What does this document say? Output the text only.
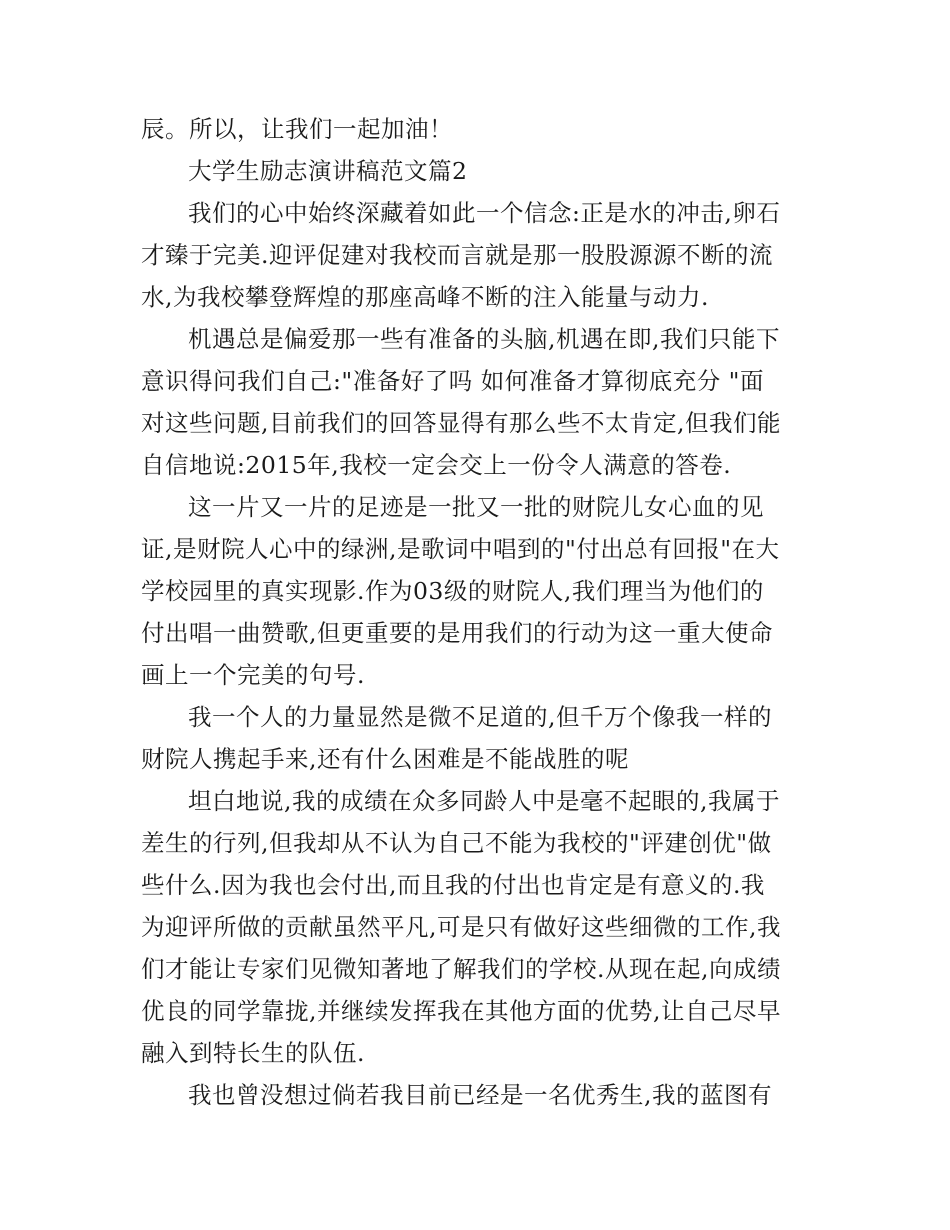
辰。所以，让我们一起加油！
大学生励志演讲稿范文篇2
我们的心中始终深藏着如此一个信念:正是水的冲击,卵石
才臻于完美.迎评促建对我校而言就是那一股股源源不断的流
水,为我校攀登辉煌的那座高峰不断的注入能量与动力.
机遇总是偏爱那一些有准备的头脑,机遇在即,我们只能下
意识得问我们自己:"准备好了吗 如何准备才算彻底充分 "面
对这些问题,目前我们的回答显得有那么些不太肯定,但我们能
自信地说:2015年,我校一定会交上一份令人满意的答卷.
这一片又一片的足迹是一批又一批的财院儿女心血的见
证,是财院人心中的绿洲,是歌词中唱到的"付出总有回报"在大
学校园里的真实现影.作为03级的财院人,我们理当为他们的
付出唱一曲赞歌,但更重要的是用我们的行动为这一重大使命
画上一个完美的句号.
我一个人的力量显然是微不足道的,但千万个像我一样的
财院人携起手来,还有什么困难是不能战胜的呢
坦白地说,我的成绩在众多同龄人中是毫不起眼的,我属于
差生的行列,但我却从不认为自己不能为我校的"评建创优"做
些什么.因为我也会付出,而且我的付出也肯定是有意义的.我
为迎评所做的贡献虽然平凡,可是只有做好这些细微的工作,我
们才能让专家们见微知著地了解我们的学校.从现在起,向成绩
优良的同学靠拢,并继续发挥我在其他方面的优势,让自己尽早
融入到特长生的队伍.
我也曾没想过倘若我目前已经是一名优秀生,我的蓝图有
